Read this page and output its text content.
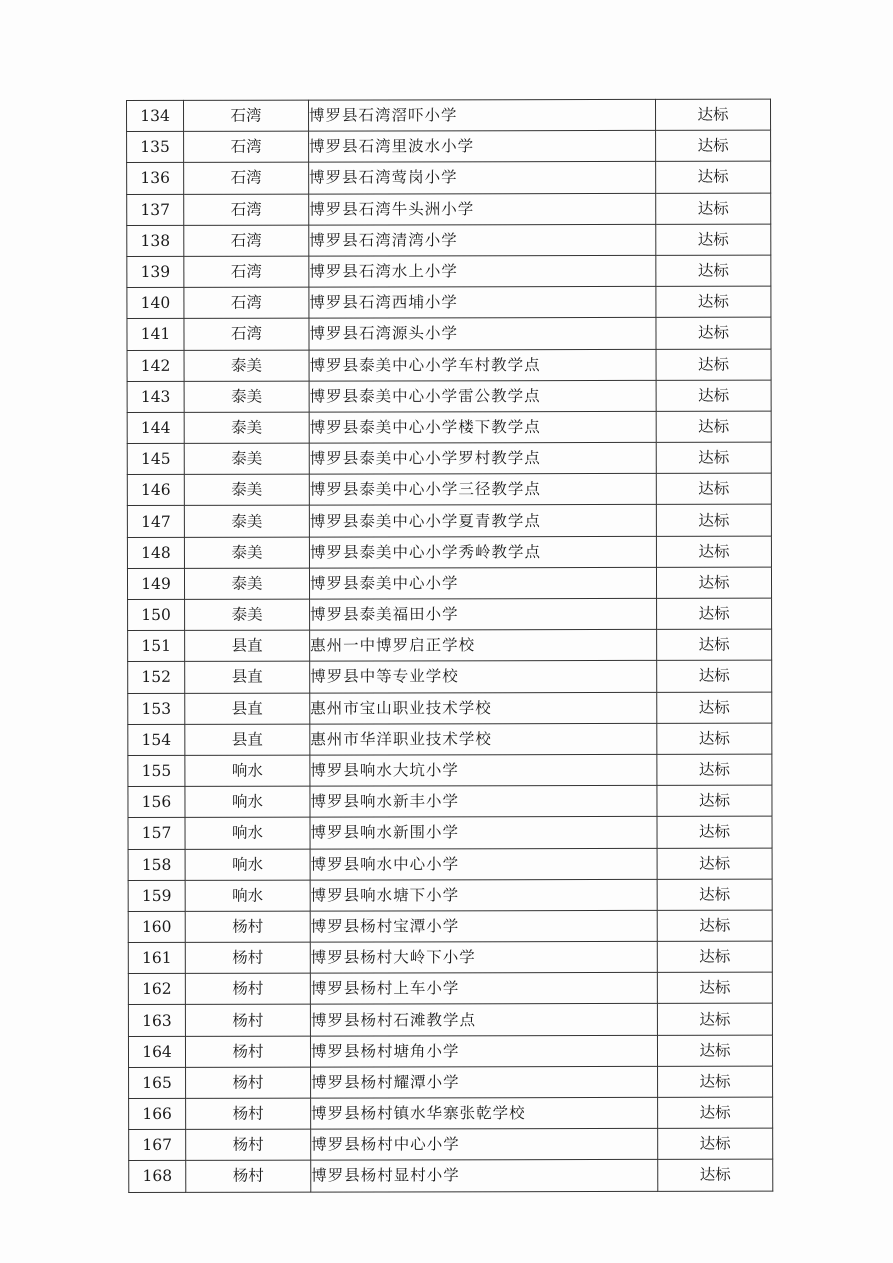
134	石湾	博罗县石湾滘吓小学	达标
135	石湾	博罗县石湾里波水小学	达标
136	石湾	博罗县石湾莺岗小学	达标
137	石湾	博罗县石湾牛头洲小学	达标
138	石湾	博罗县石湾清湾小学	达标
139	石湾	博罗县石湾水上小学	达标
140	石湾	博罗县石湾西埔小学	达标
141	石湾	博罗县石湾源头小学	达标
142	泰美	博罗县泰美中心小学车村教学点	达标
143	泰美	博罗县泰美中心小学雷公教学点	达标
144	泰美	博罗县泰美中心小学楼下教学点	达标
145	泰美	博罗县泰美中心小学罗村教学点	达标
146	泰美	博罗县泰美中心小学三径教学点	达标
147	泰美	博罗县泰美中心小学夏青教学点	达标
148	泰美	博罗县泰美中心小学秀岭教学点	达标
149	泰美	博罗县泰美中心小学	达标
150	泰美	博罗县泰美福田小学	达标
151	县直	惠州一中博罗启正学校	达标
152	县直	博罗县中等专业学校	达标
153	县直	惠州市宝山职业技术学校	达标
154	县直	惠州市华洋职业技术学校	达标
155	响水	博罗县响水大坑小学	达标
156	响水	博罗县响水新丰小学	达标
157	响水	博罗县响水新围小学	达标
158	响水	博罗县响水中心小学	达标
159	响水	博罗县响水塘下小学	达标
160	杨村	博罗县杨村宝潭小学	达标
161	杨村	博罗县杨村大岭下小学	达标
162	杨村	博罗县杨村上车小学	达标
163	杨村	博罗县杨村石滩教学点	达标
164	杨村	博罗县杨村塘角小学	达标
165	杨村	博罗县杨村耀潭小学	达标
166	杨村	博罗县杨村镇水华寨张乾学校	达标
167	杨村	博罗县杨村中心小学	达标
168	杨村	博罗县杨村显村小学	达标
